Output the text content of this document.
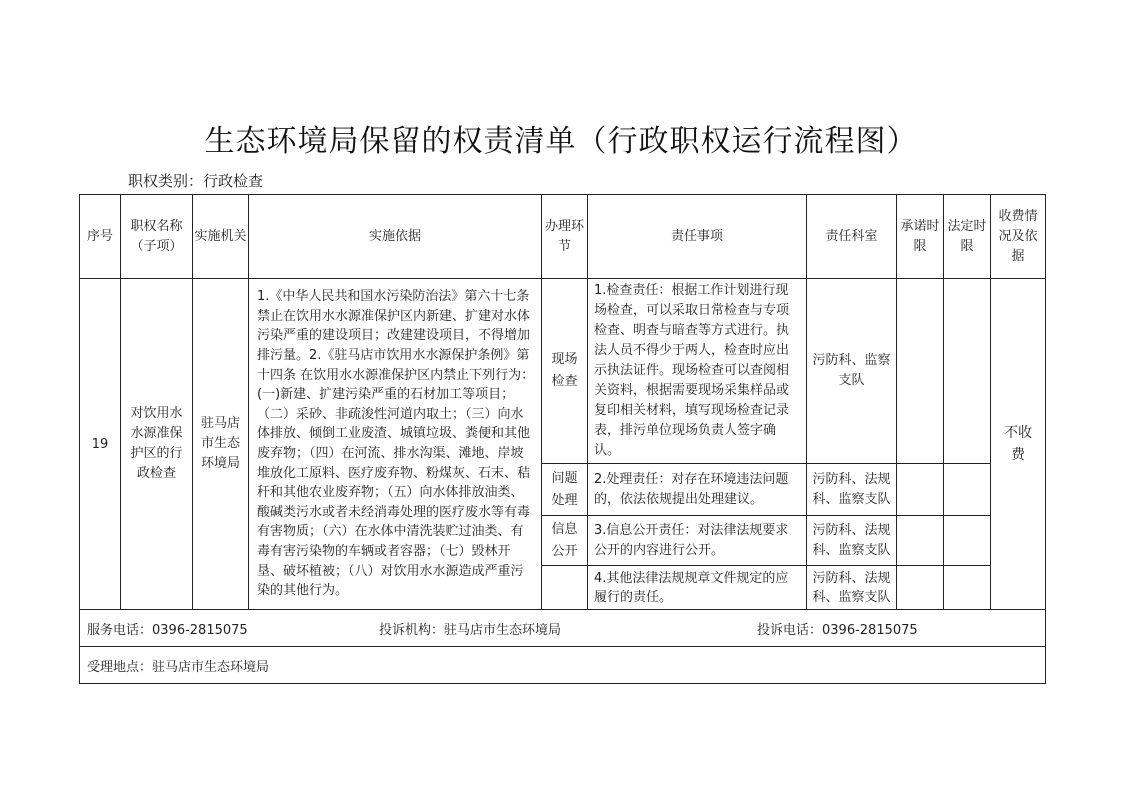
生态环境局保留的权责清单（行政职权运行流程图）
职权类别：行政检查
序号	职权名称（子项）	实施机关	实施依据	办理环节	责任事项	责任科室	承诺时限	法定时限	收费情况及依据
19	对饮用水水源准保护区的行政检查	驻马店市生态环境局	1.《中华人民共和国水污染防治法》第六十七条 禁止在饮用水水源准保护区内新建、扩建对水体污染严重的建设项目；改建建设项目，不得增加排污量。2.《驻马店市饮用水水源保护条例》第十四条 在饮用水水源准保护区内禁止下列行为：(一)新建、扩建污染严重的石材加工等项目；（二）采砂、非疏浚性河道内取土；（三）向水体排放、倾倒工业废渣、城镇垃圾、粪便和其他废弃物；（四）在河流、排水沟渠、滩地、岸坡堆放化工原料、医疗废弃物、粉煤灰、石末、秸秆和其他农业废弃物；（五）向水体排放油类、酸碱类污水或者未经消毒处理的医疗废水等有毒有害物质；（六）在水体中清洗装贮过油类、有毒有害污染物的车辆或者容器；（七）毁林开垦、破坏植被；（八）对饮用水水源造成严重污染的其他行为。	现场检查	1.检查责任：根据工作计划进行现场检查，可以采取日常检查与专项检查、明查与暗查等方式进行。执法人员不得少于两人，检查时应出示执法证件。现场检查可以查阅相关资料，根据需要现场采集样品或复印相关材料，填写现场检查记录表，排污单位现场负责人签字确认。	污防科、监察支队			不收费
				问题处理	2.处理责任：对存在环境违法问题的，依法依规提出处理建议。	污防科、法规科、监察支队			
				信息公开	3.信息公开责任：对法律法规要求公开的内容进行公开。	污防科、法规科、监察支队			
					4.其他法律法规规章文件规定的应履行的责任。	污防科、法规科、监察支队			
服务电话：0396-2815075 投诉机构：驻马店市生态环境局 投诉电话：0396-2815075									
受理地点：驻马店市生态环境局									
